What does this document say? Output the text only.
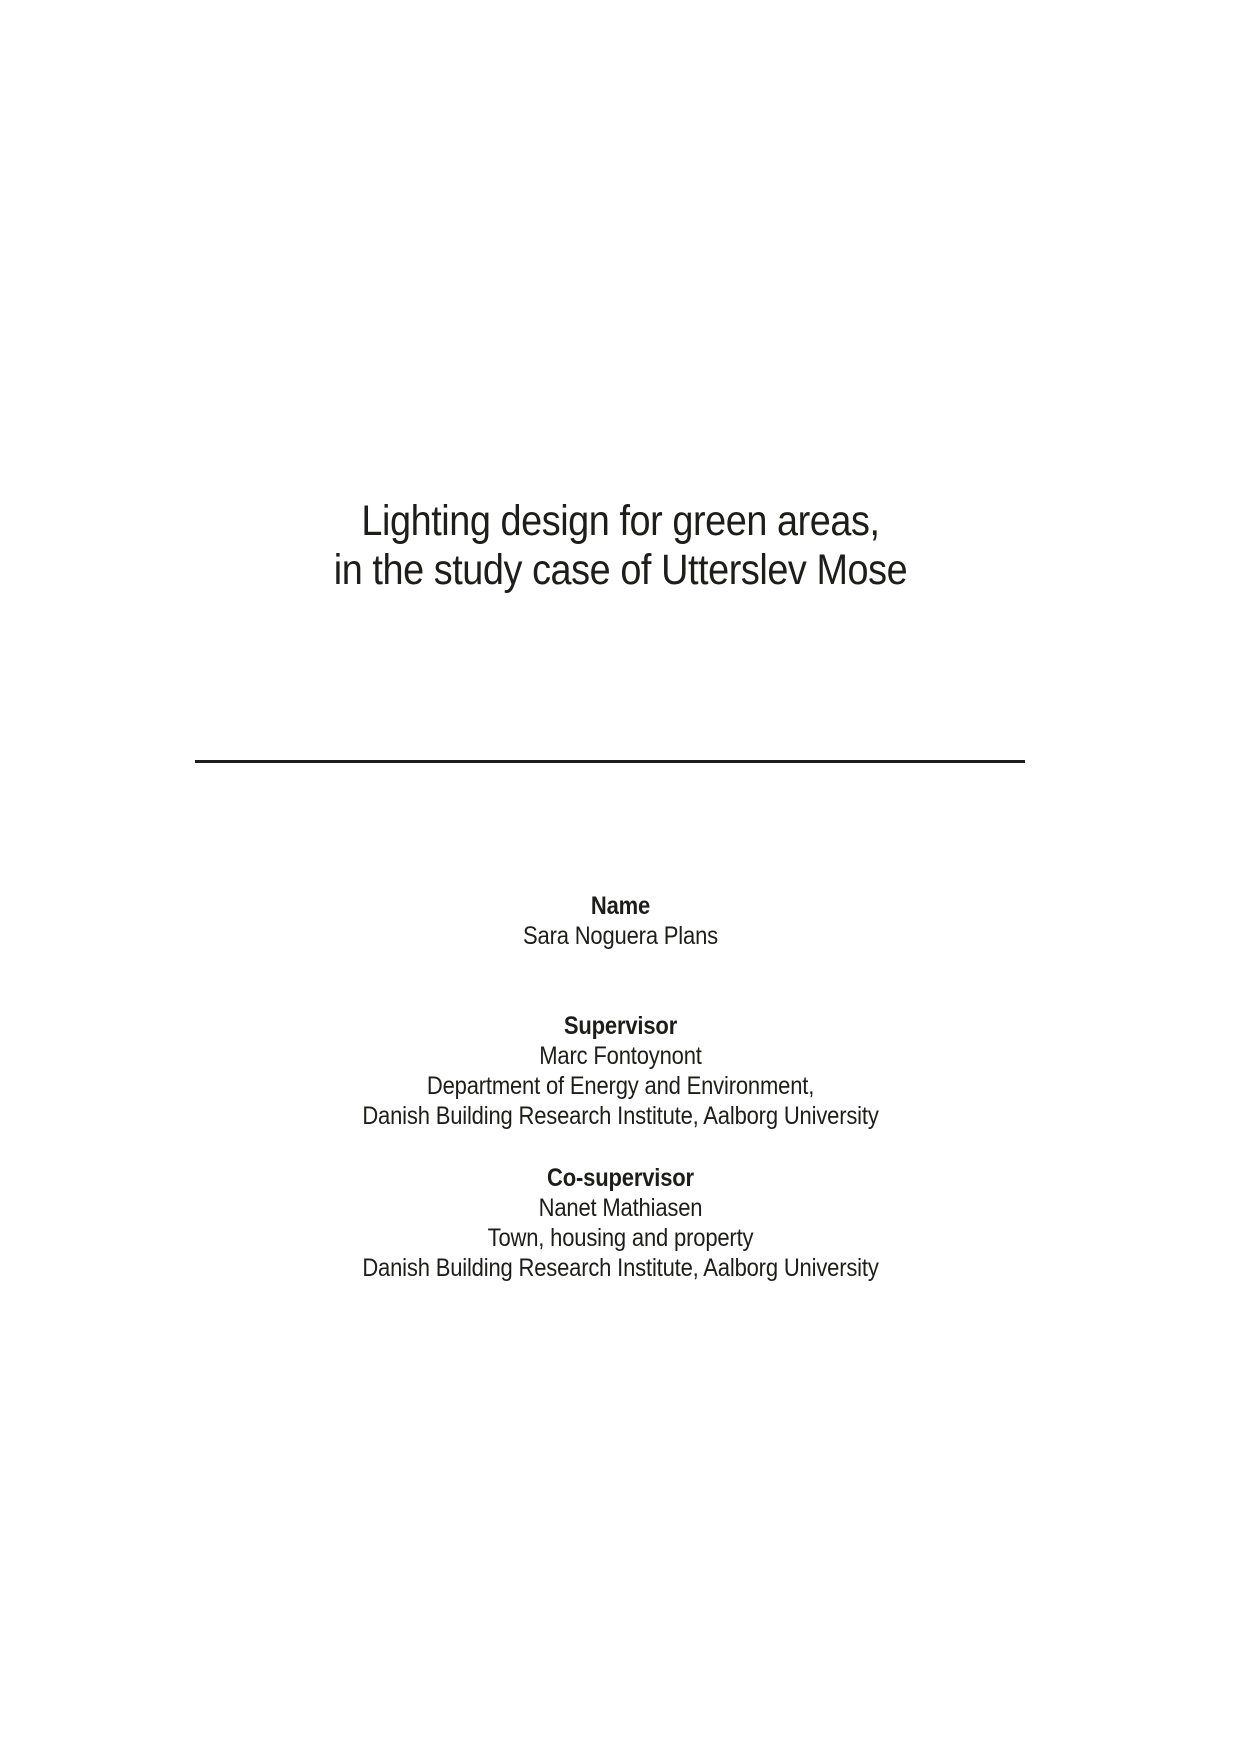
Lighting design for green areas,
in the study case of Utterslev Mose
Name
Sara Noguera Plans
Supervisor
Marc Fontoynont
Department of Energy and Environment,
Danish Building Research Institute, Aalborg University
Co-supervisor
Nanet Mathiasen
Town, housing and property
Danish Building Research Institute, Aalborg University
